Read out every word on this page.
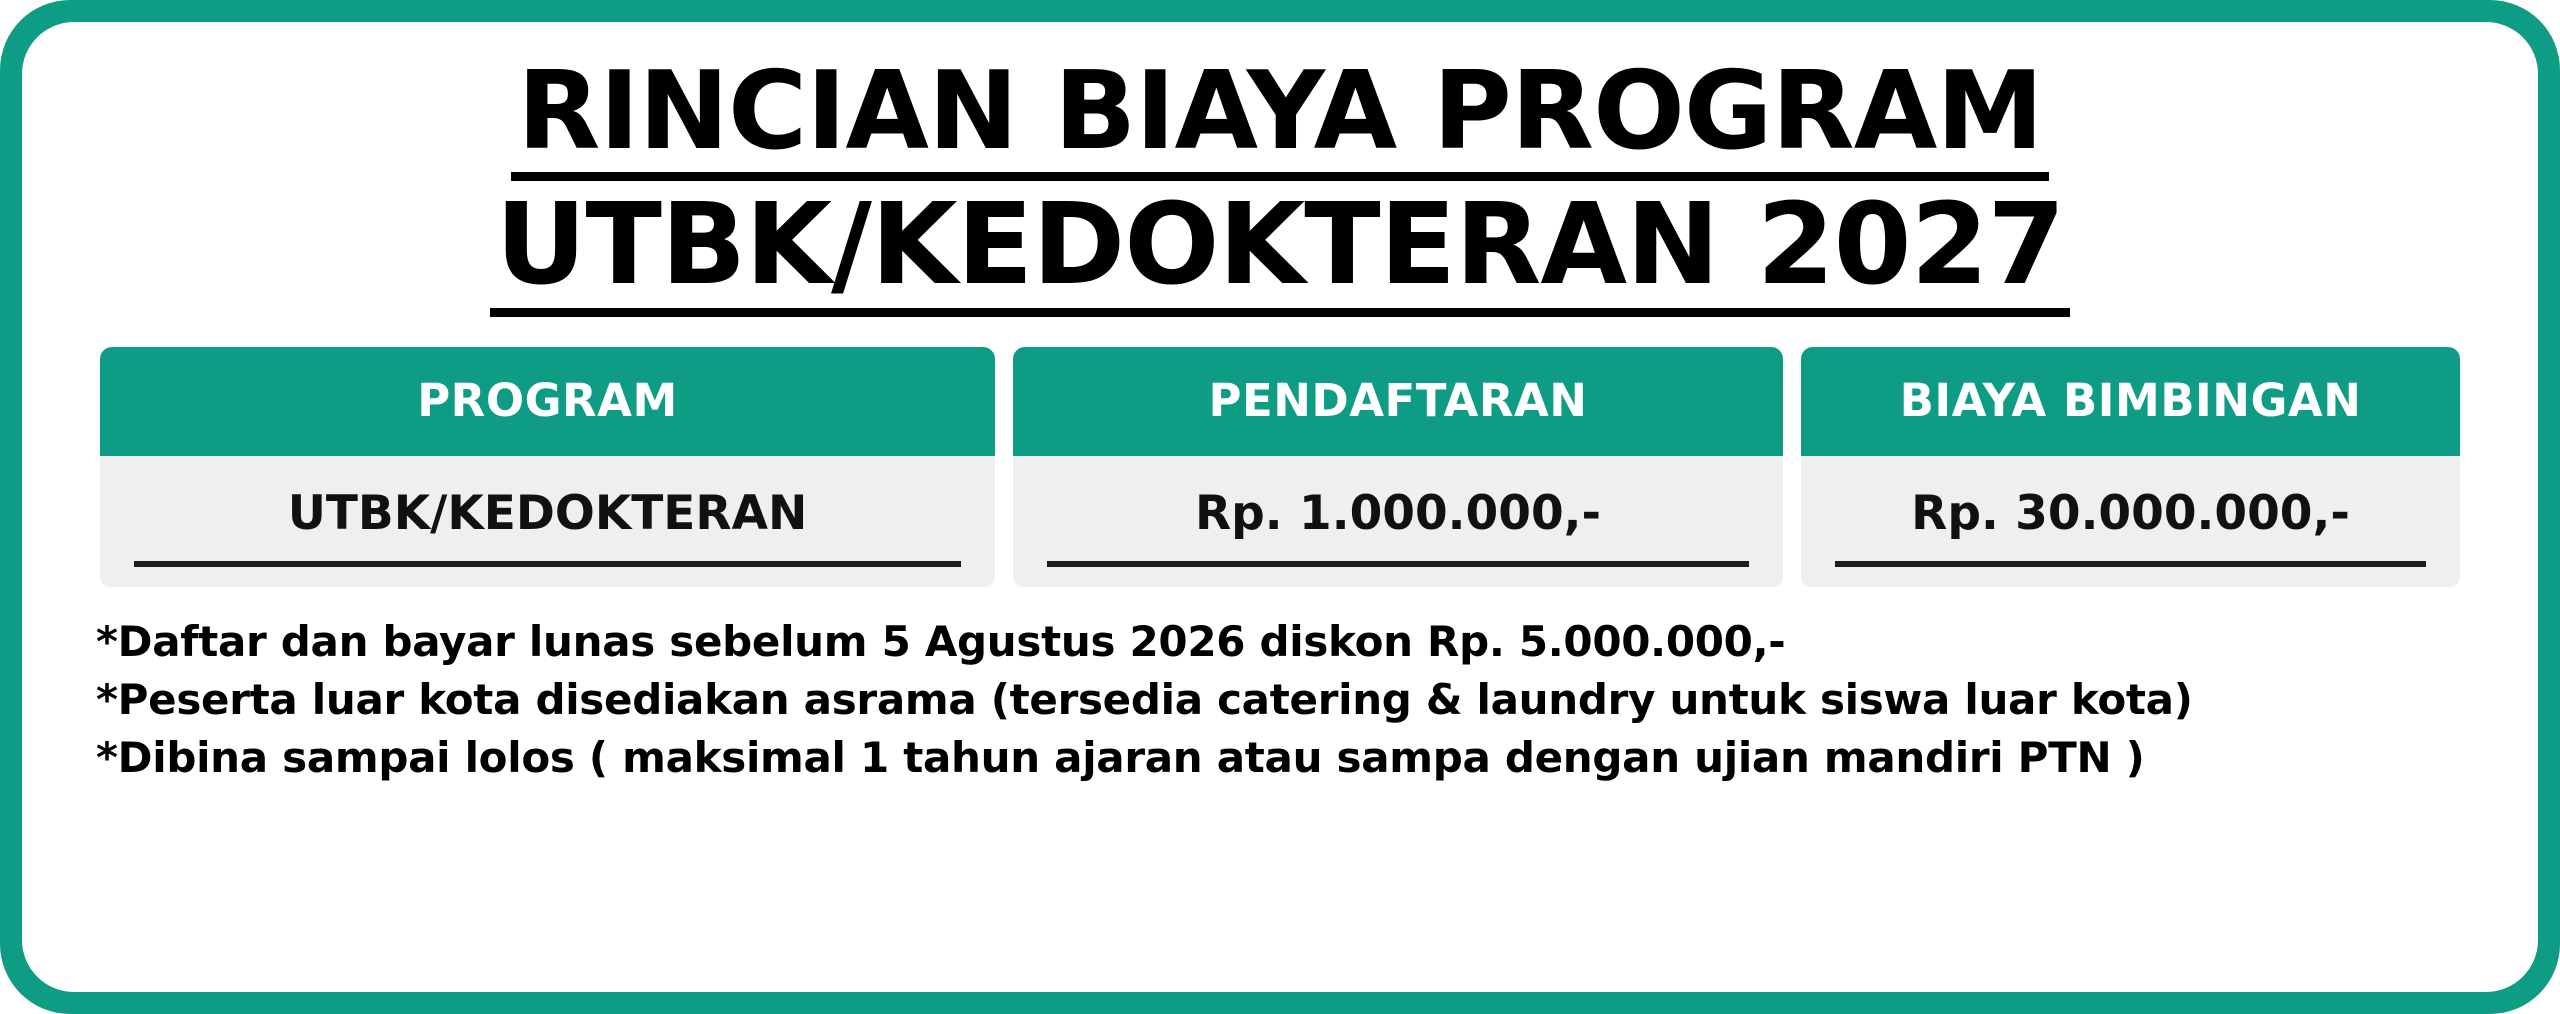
RINCIAN BIAYA PROGRAM UTBK/KEDOKTERAN 2027
PROGRAM
UTBK/KEDOKTERAN
PENDAFTARAN
Rp. 1.000.000,-
BIAYA BIMBINGAN
Rp. 30.000.000,-
*Daftar dan bayar lunas sebelum 5 Agustus 2026 diskon Rp. 5.000.000,-
*Peserta luar kota disediakan asrama (tersedia catering & laundry untuk siswa luar kota)
*Dibina sampai lolos ( maksimal 1 tahun ajaran atau sampa dengan ujian mandiri PTN )
